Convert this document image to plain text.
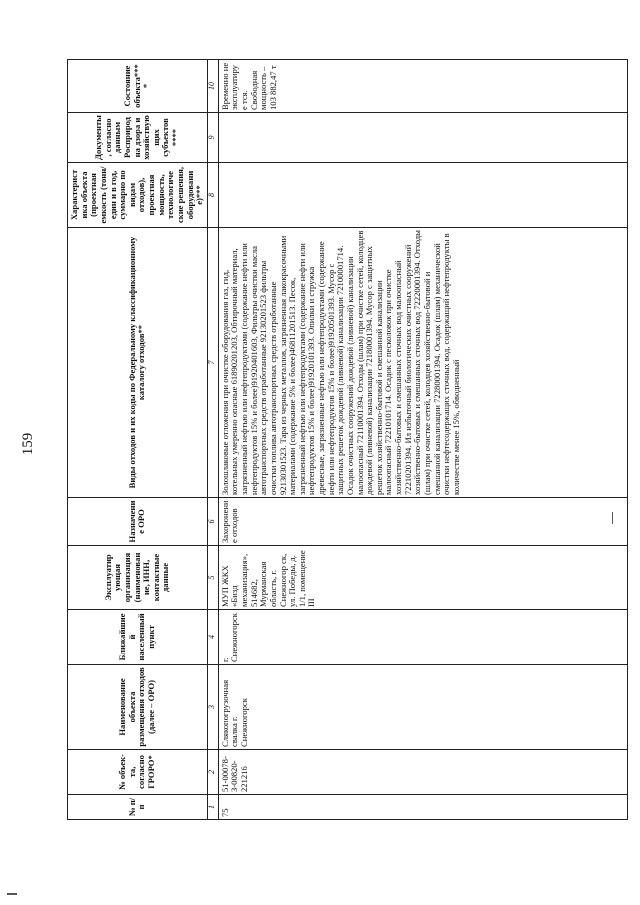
159
№ п/п	№ объек-та, согласно ГРОРО*	Наименование объекта размещения отходов (далее – ОРО)	Ближайшие й населенный пункт	Эксплуатир ующая организация (наименован ие, ИНН, контактные данные	Назначение ОРО	Виды отходов и их коды по Федеральному классификационному каталогу отходов**	Характерист ика объекта (проектная емкость (тонн/един и в год, суммарно по видам отходов), проектная мощность, технологиче ские решения, оборудовани е)***	Документы, согласно данным Росприродна дзора и хозяйствую щих субъектов ****	Состояние объекта*** *
1	2	3	4	5	6	7	8	9	10
75	51-00078-З-00820-221216	Слякопогрузочная свалка г. Снежногорск	г. Снежногорск	МУП ЖКХ «Бизд механизация», 514682, Мурманская область, г. Снежногор ск, ул. Победы, д. 1/1, помещение III	Захоронение отходов	Золошлаковые отложения при очистке оборудования газ, гид, котельных умеренно опасные 61890201203, Обтирочный материал, загрязненный нефтью или нефтепродуктами (содержание нефти или нефтепродуктов 15% и более)91920401603, Фильтры очистки масла автотранспортных средств отработанные 92130201523 фильтры очистки топлива автотранспортных средств отработанные 92130301523. Тара из черных металлов, загрязненная лакокрасочными материалами (содержание 5% и более)46811201513. Песок, загрязненный нефтью или нефтепродуктами (содержание нефти или нефтепродуктов 15% и более)91920101393. Опилки и стружка древесные, загрязненные нефтью или нефтепродуктами (содержание нефти или нефтепродуктов 15% и более)91920501393. Мусор с защитных решеток дождевой (ливневой) канализации 72100001714. Осадок очистных сооружений дождевой (ливневой) канализации малоопасный 72110001394. Отходы (шлам) при очистке сетей, колодцев дождевой (ливневой) канализации 72180001394. Мусор с защитных решеток хозяйственно-бытовой и смешанной канализации малоопасный 72210101714. Осадок с песколовок при очистке хозяйственно-бытовых и смешанных сточных вод малоопасный 72210201394. Ил избыточный биологических очистных сооружений хозяйственно-бытовых и смешанных сточных вод 72220001394. Отходы (шлам) при очистке сетей, колодцев хозяйственно-бытовой и смешанной канализации 72280001394. Осадок (шлам) механической очистки нефтесодержащих сточных вод, содержащий нефтепродукты в количестве менее 15%, обводненный			Временно не эксплуатируе тся. Свободная мощность – 103 882,47 т
